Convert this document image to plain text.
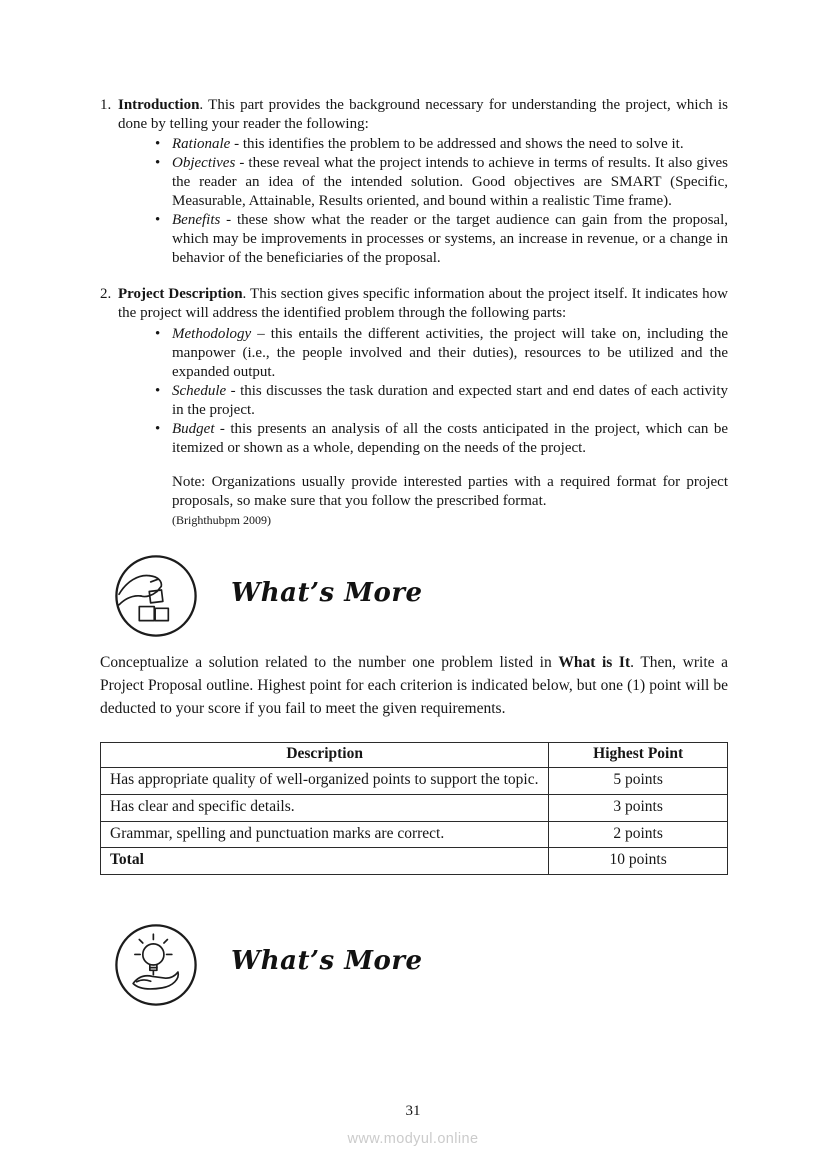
1. Introduction. This part provides the background necessary for understanding the project, which is done by telling your reader the following:

• Rationale - this identifies the problem to be addressed and shows the need to solve it.

• Objectives - these reveal what the project intends to achieve in terms of results. It also gives the reader an idea of the intended solution. Good objectives are SMART (Specific, Measurable, Attainable, Results oriented, and bound within a realistic Time frame).

• Benefits - these show what the reader or the target audience can gain from the proposal, which may be improvements in processes or systems, an increase in revenue, or a change in behavior of the beneficiaries of the proposal.

2. Project Description. This section gives specific information about the project itself. It indicates how the project will address the identified problem through the following parts:

• Methodology – this entails the different activities, the project will take on, including the manpower (i.e., the people involved and their duties), resources to be utilized and the expanded output.

• Schedule - this discusses the task duration and expected start and end dates of each activity in the project.

• Budget - this presents an analysis of all the costs anticipated in the project, which can be itemized or shown as a whole, depending on the needs of the project.

Note: Organizations usually provide interested parties with a required format for project proposals, so make sure that you follow the prescribed format.

(Brighthubpm 2009)

What’s More

Conceptualize a solution related to the number one problem listed in What is It. Then, write a Project Proposal outline. Highest point for each criterion is indicated below, but one (1) point will be deducted to your score if you fail to meet the given requirements.

Description	Highest Point
Has appropriate quality of well-organized points to support the topic.	5 points
Has clear and specific details.	3 points
Grammar, spelling and punctuation marks are correct.	2 points
Total	10 points
What’s More
31
www.modyul.online
